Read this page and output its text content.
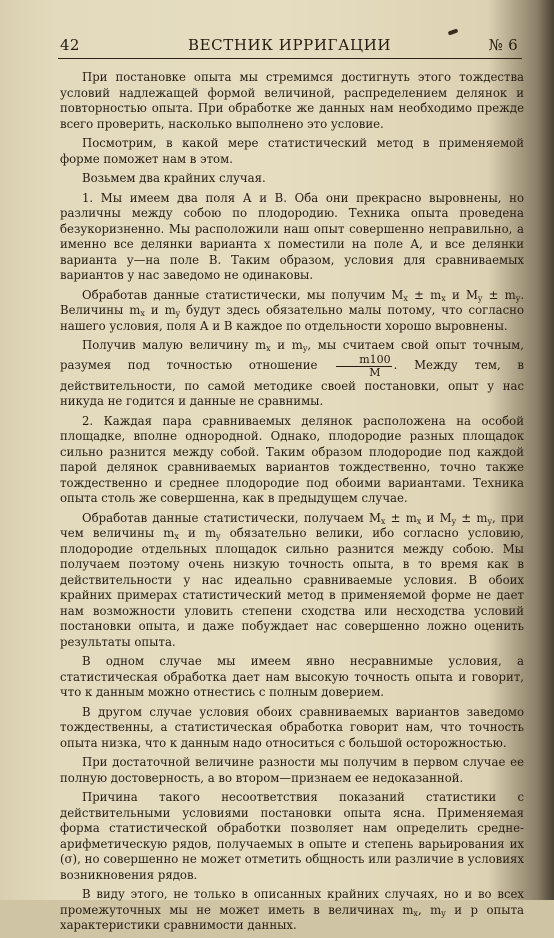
42	ВЕСТНИК ИРРИГАЦИИ	№ 6

При постановке опыта мы стремимся достигнуть этого тождества условий надлежащей формой величиной, распределением делянок и повторностью опыта. При обработке же данных нам необходимо прежде всего проверить, насколько выполнено это условие.

Посмотрим, в какой мере статистический метод в применяемой форме поможет нам в этом.

Возьмем два крайних случая.

1. Мы имеем два поля А и В. Оба они прекрасно выровнены, но различны между собою по плодородию. Техника опыта проведена безукоризненно. Мы расположили наш опыт совершенно неправильно, а именно все делянки варианта х поместили на поле А, и все делянки варианта у—на поле В. Таким образом, условия для сравниваемых вариантов у нас заведомо не одинаковы.

Обработав данные статистически, мы получим $M_x \pm m_x$ и $M_y \pm m_y$. Величины $m_x$ и $m_y$ будут здесь обязательно малы потому, что согласно нашего условия, поля А и В каждое по отдельности хорошо выровнены.

Получив малую величину $m_x$ и $m_y$, мы считаем свой опыт точным, разумея под точностью отношение $\frac{m100}{M}$ . Между тем, в действительности, по самой методике своей постановки, опыт у нас никуда не годится и данные не сравнимы.

2. Каждая пара сравниваемых делянок расположена на особой площадке, вполне однородной. Однако, плодородие разных площадок сильно разнится между собой. Таким образом плодородие под каждой парой делянок сравниваемых вариантов тождественно, точно также тождественно и среднее плодородие под обоими вариантами. Техника опыта столь же совершенна, как в предыдущем случае.

Обработав данные статистически, получаем $M_x \pm m_x$ и $M_y \pm m_y$, при чем величины $m_x$ и $m_y$ обязательно велики, ибо согласно условию, плодородие отдельных площадок сильно разнится между собою. Мы получаем поэтому очень низкую точность опыта, в то время как в действительности у нас идеально сравниваемые условия. В обоих крайних примерах статистический метод в применяемой форме не дает нам возможности уловить степени сходства или несходства условий постановки опыта, и даже побуждает нас совершенно ложно оценить результаты опыта.

В одном случае мы имеем явно несравнимые условия, а статистическая обработка дает нам высокую точность опыта и говорит, что к данным можно отнестись с полным доверием.

В другом случае условия обоих сравниваемых вариантов заведомо тождественны, а статистическая обработка говорит нам, что точность опыта низка, что к данным надо относиться с большой осторожностью.

При достаточной величине разности мы получим в первом случае ее полную достоверность, а во втором—признаем ее недоказанной.

Причина такого несоответствия показаний статистики с действительными условиями постановки опыта ясна. Применяемая форма статистической обработки позволяет нам определить средне-арифметическую рядов, получаемых в опыте и степень варьирования их (σ), но совершенно не может отметить общность или различие в условиях возникновения рядов.

В виду этого, не только в описанных крайних случаях, но и во всех промежуточных мы не может иметь в величинах $m_x$, $m_y$ и p опыта характеристики сравнимости данных.
